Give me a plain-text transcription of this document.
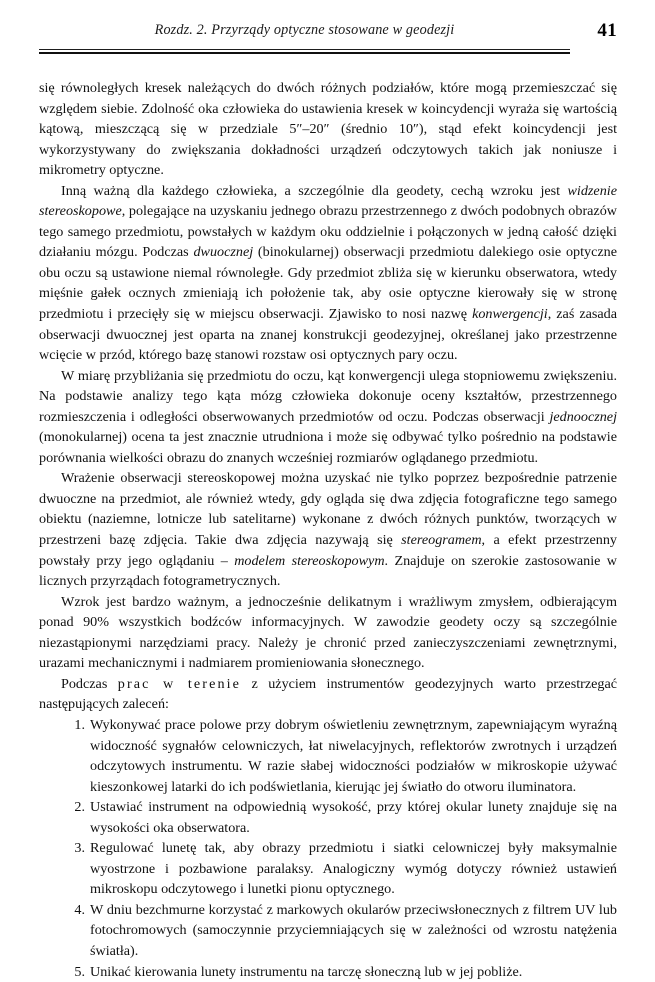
Rozdz. 2. Przyrządy optyczne stosowane w geodezji	41

się równoległych kresek należących do dwóch różnych podziałów, które mogą przemieszczać się względem siebie. Zdolność oka człowieka do ustawienia kresek w koincydencji wyraża się wartością kątową, mieszczącą się w przedziale 5″–20″ (średnio 10″), stąd efekt koincydencji jest wykorzystywany do zwiększania dokładności urządzeń odczytowych takich jak noniusze i mikrometry optyczne.

Inną ważną dla każdego człowieka, a szczególnie dla geodety, cechą wzroku jest widzenie stereoskopowe, polegające na uzyskaniu jednego obrazu przestrzennego z dwóch podobnych obrazów tego samego przedmiotu, powstałych w każdym oku oddzielnie i połączonych w jedną całość dzięki działaniu mózgu. Podczas dwuocznej (binokularnej) obserwacji przedmiotu dalekiego osie optyczne obu oczu są ustawione niemal równoległe. Gdy przedmiot zbliża się w kierunku obserwatora, wtedy mięśnie gałek ocznych zmieniają ich położenie tak, aby osie optyczne kierowały się w stronę przedmiotu i przecięły się w miejscu obserwacji. Zjawisko to nosi nazwę konwergencji, zaś zasada obserwacji dwuocznej jest oparta na znanej konstrukcji geodezyjnej, określanej jako przestrzenne wcięcie w przód, którego bazę stanowi rozstaw osi optycznych pary oczu.

W miarę przybliżania się przedmiotu do oczu, kąt konwergencji ulega stopniowemu zwiększeniu. Na podstawie analizy tego kąta mózg człowieka dokonuje oceny kształtów, przestrzennego rozmieszczenia i odległości obserwowanych przedmiotów od oczu. Podczas obserwacji jednoocznej (monokularnej) ocena ta jest znacznie utrudniona i może się odbywać tylko pośrednio na podstawie porównania wielkości obrazu do znanych wcześniej rozmiarów oglądanego przedmiotu.

Wrażenie obserwacji stereoskopowej można uzyskać nie tylko poprzez bezpośrednie patrzenie dwuoczne na przedmiot, ale również wtedy, gdy ogląda się dwa zdjęcia fotograficzne tego samego obiektu (naziemne, lotnicze lub satelitarne) wykonane z dwóch różnych punktów, tworzących w przestrzeni bazę zdjęcia. Takie dwa zdjęcia nazywają się stereogramem, a efekt przestrzenny powstały przy jego oglądaniu – modelem stereoskopowym. Znajduje on szerokie zastosowanie w licznych przyrządach fotogrametrycznych.

Wzrok jest bardzo ważnym, a jednocześnie delikatnym i wrażliwym zmysłem, odbierającym ponad 90% wszystkich bodźców informacyjnych. W zawodzie geodety oczy są szczególnie niezastąpionymi narzędziami pracy. Należy je chronić przed zanieczyszczeniami zewnętrznymi, urazami mechanicznymi i nadmiarem promieniowania słonecznego.

Podczas prac w terenie z użyciem instrumentów geodezyjnych warto przestrzegać następujących zaleceń:

Wykonywać prace polowe przy dobrym oświetleniu zewnętrznym, zapewniającym wyraźną widoczność sygnałów celowniczych, łat niwelacyjnych, reflektorów zwrotnych i urządzeń odczytowych instrumentu. W razie słabej widoczności podziałów w mikroskopie używać kieszonkowej latarki do ich podświetlania, kierując jej światło do otworu iluminatora.
Ustawiać instrument na odpowiednią wysokość, przy której okular lunety znajduje się na wysokości oka obserwatora.
Regulować lunetę tak, aby obrazy przedmiotu i siatki celowniczej były maksymalnie wyostrzone i pozbawione paralaksy. Analogiczny wymóg dotyczy również ustawień mikroskopu odczytowego i lunetki pionu optycznego.
W dniu bezchmurne korzystać z markowych okularów przeciwsłonecznych z filtrem UV lub fotochromowych (samoczynnie przyciemniających się w zależności od wzrostu natężenia światła).
Unikać kierowania lunety instrumentu na tarczę słoneczną lub w jej pobliże.
